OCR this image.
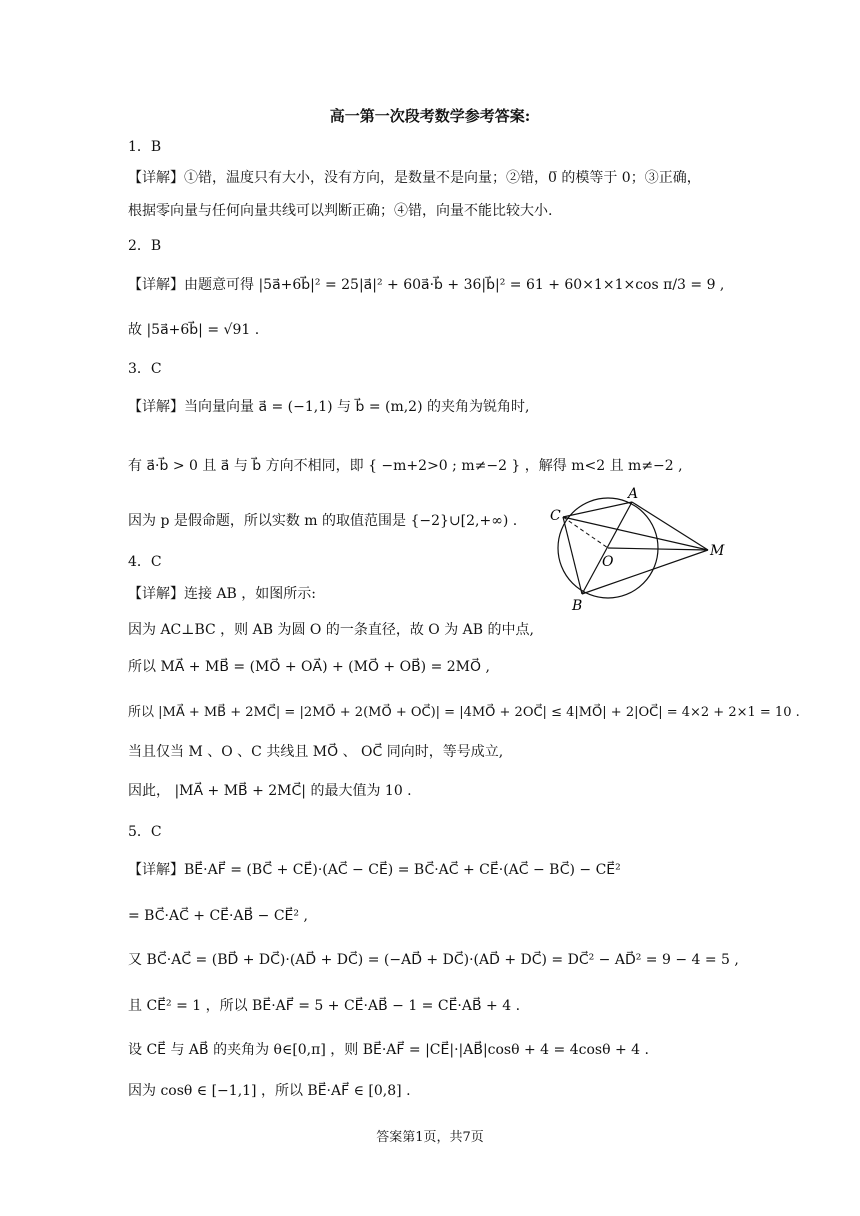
高一第一次段考数学参考答案:
1．B
【详解】①错，温度只有大小，没有方向，是数量不是向量；②错，0̅ 的模等于 0；③正确，
根据零向量与任何向量共线可以判断正确；④错，向量不能比较大小.
2．B
【详解】由题意可得 |5a⃗+6b⃗|² = 25|a⃗|² + 60a⃗·b⃗ + 36|b⃗|² = 61 + 60×1×1×cos π/3 = 9 ,
故 |5a⃗+6b⃗| = √91 .
3．C
【详解】当向量向量 a⃗ = (−1,1) 与 b⃗ = (m,2) 的夹角为锐角时,
有 a⃗·b⃗ > 0 且 a⃗ 与 b⃗ 方向不相同，即 { −m+2>0 ; m≠−2 } ，解得 m<2 且 m≠−2 ,
因为 p 是假命题，所以实数 m 的取值范围是 {−2}∪[2,+∞) .
4．C
【详解】连接 AB ，如图所示:
因为 AC⊥BC ，则 AB 为圆 O 的一条直径，故 O 为 AB 的中点,
所以 MA⃗ + MB⃗ = (MO⃗ + OA⃗) + (MO⃗ + OB⃗) = 2MO⃗ ,
所以 |MA⃗ + MB⃗ + 2MC⃗| = |2MO⃗ + 2(MO⃗ + OC⃗)| = |4MO⃗ + 2OC⃗| ≤ 4|MO⃗| + 2|OC⃗| = 4×2 + 2×1 = 10 .
当且仅当 M 、O 、C 共线且 MO⃗ 、 OC⃗ 同向时，等号成立,
因此， |MA⃗ + MB⃗ + 2MC⃗| 的最大值为 10 .
C
A
B
O
M
5．C
【详解】BE⃗·AF⃗ = (BC⃗ + CE⃗)·(AC⃗ − CE⃗) = BC⃗·AC⃗ + CE⃗·(AC⃗ − BC⃗) − CE⃗²
= BC⃗·AC⃗ + CE⃗·AB⃗ − CE⃗² ,
又 BC⃗·AC⃗ = (BD⃗ + DC⃗)·(AD⃗ + DC⃗) = (−AD⃗ + DC⃗)·(AD⃗ + DC⃗) = DC⃗² − AD⃗² = 9 − 4 = 5 ,
且 CE⃗² = 1 ，所以 BE⃗·AF⃗ = 5 + CE⃗·AB⃗ − 1 = CE⃗·AB⃗ + 4 .
设 CE⃗ 与 AB⃗ 的夹角为 θ∈[0,π] ，则 BE⃗·AF⃗ = |CE⃗|·|AB⃗|cosθ + 4 = 4cosθ + 4 .
因为 cosθ ∈ [−1,1] ，所以 BE⃗·AF⃗ ∈ [0,8] .
答案第1页，共7页
